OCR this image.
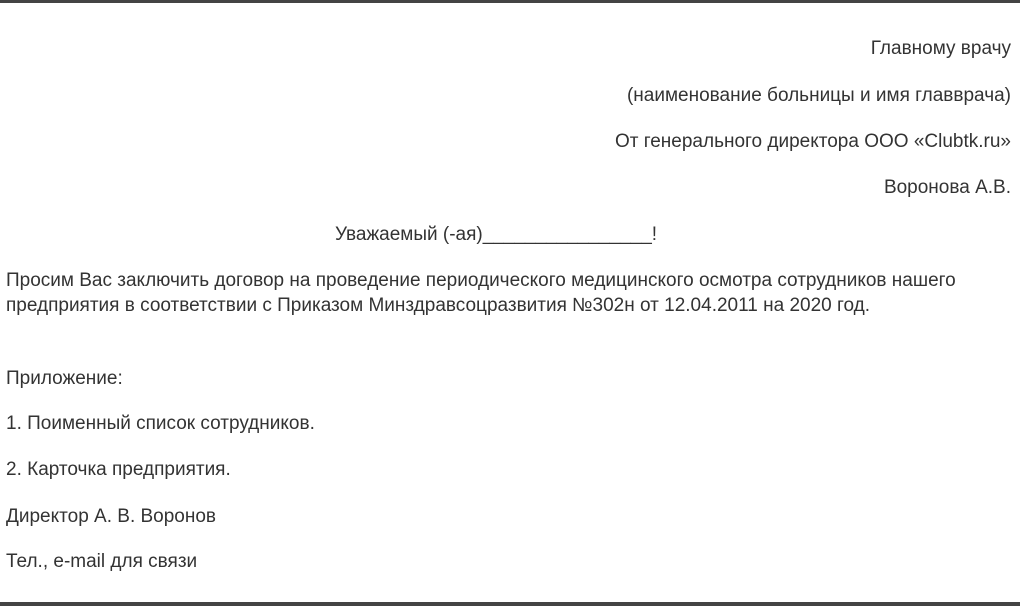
Главному врачу
(наименование больницы и имя главврача)
От генерального директора ООО «Clubtk.ru»
Воронова А.В.
Уважаемый (-ая)________________!
Просим Вас заключить договор на проведение периодического медицинского осмотра сотрудников нашего предприятия в соответствии с Приказом Минздравсоцразвития №302н от 12.04.2011 на 2020 год.
Приложение:
1. Поименный список сотрудников.
2. Карточка предприятия.
Директор А. В. Воронов
Тел., e-mail для связи
